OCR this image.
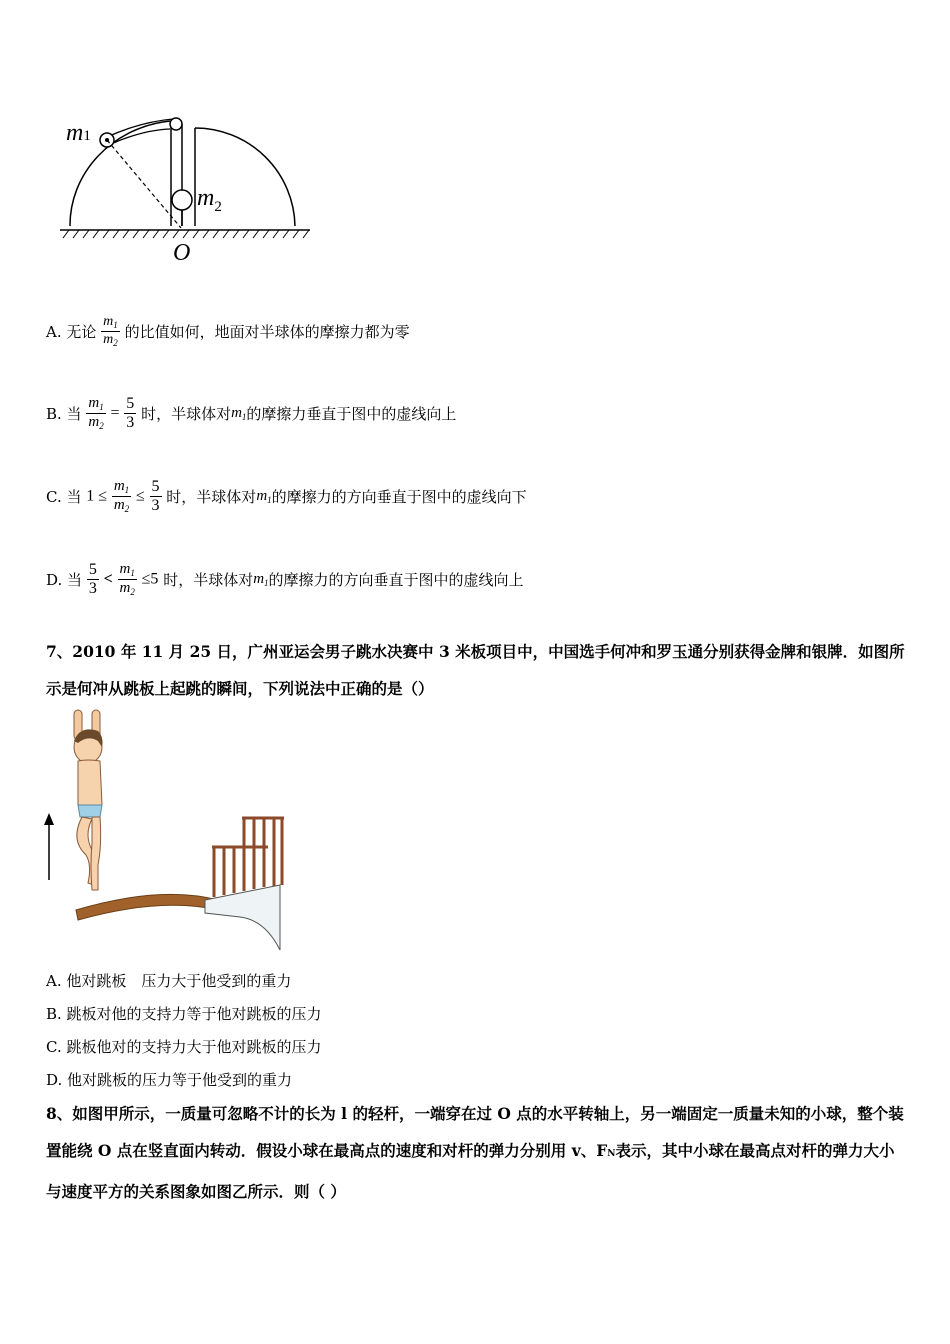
m1
$m_2$
O
A. 无论 $\frac{m_1}{m_2}$ 的比值如何，地面对半球体的摩擦力都为零
B. 当 $\frac{m_1}{m_2} = \frac{5}{3}$ 时，半球体对$m_1$的摩擦力垂直于图中的虚线向上
C. 当 $1 \le \frac{m_1}{m_2} \le \frac{5}{3}$ 时，半球体对$m_1$的摩擦力的方向垂直于图中的虚线向下
D. 当 $\frac{5}{3} < \frac{m_1}{m_2} \le 5$ 时，半球体对$m_1$的摩擦力的方向垂直于图中的虚线向上
7、2010 年 11 月 25 日，广州亚运会男子跳水决赛中 3 米板项目中，中国选手何冲和罗玉通分别获得金牌和银牌．如图所示是何冲从跳板上起跳的瞬间，下列说法中正确的是（）
A. 他对跳板　压力大于他受到的重力
B. 跳板对他的支持力等于他对跳板的压力
C. 跳板他对的支持力大于他对跳板的压力
D. 他对跳板的压力等于他受到的重力
8、如图甲所示，一质量可忽略不计的长为 l 的轻杆，一端穿在过 O 点的水平转轴上，另一端固定一质量未知的小球，整个装置能绕 O 点在竖直面内转动．假设小球在最高点的速度和对杆的弹力分别用 v、FN表示，其中小球在最高点对杆的弹力大小与速度平方的关系图象如图乙所示．则（ ）
